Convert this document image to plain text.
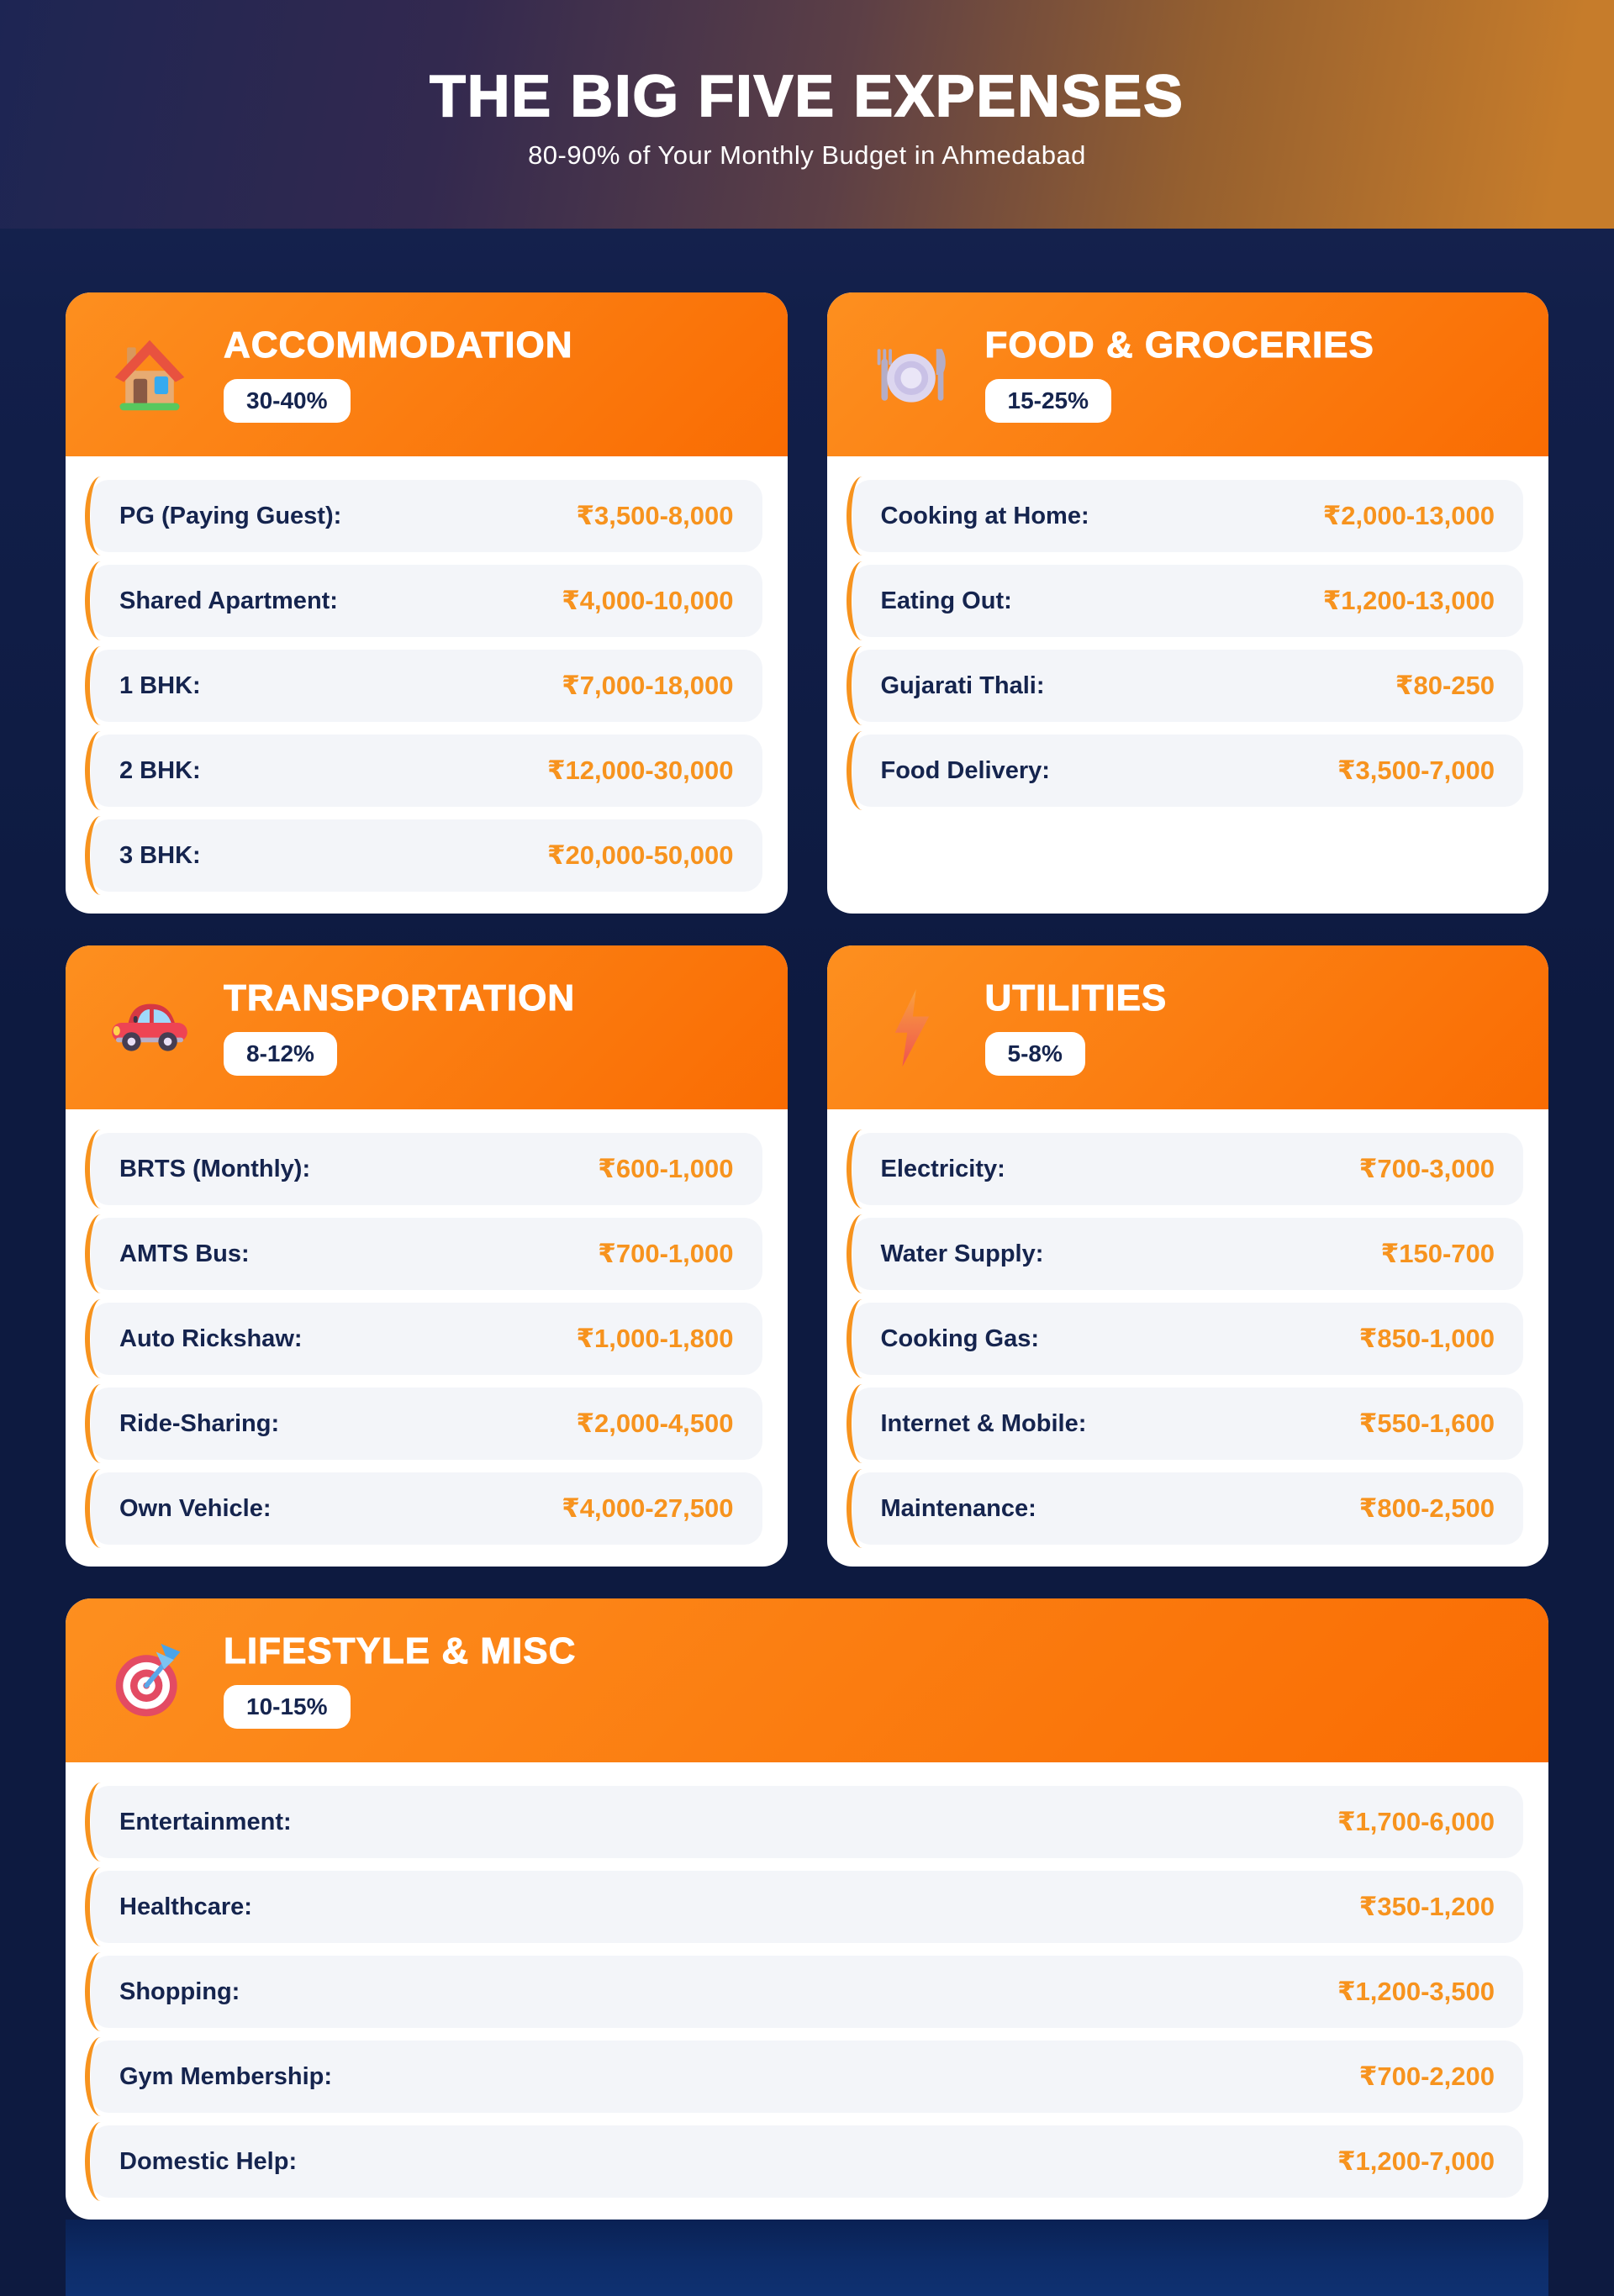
THE BIG FIVE EXPENSES
80-90% of Your Monthly Budget in Ahmedabad
ACCOMMODATION
30-40%
PG (Paying Guest):	₹3,500-8,000
Shared Apartment:	₹4,000-10,000
1 BHK:	₹7,000-18,000
2 BHK:	₹12,000-30,000
3 BHK:	₹20,000-50,000
FOOD & GROCERIES
15-25%
Cooking at Home:	₹2,000-13,000
Eating Out:	₹1,200-13,000
Gujarati Thali:	₹80-250
Food Delivery:	₹3,500-7,000
TRANSPORTATION
8-12%
BRTS (Monthly):	₹600-1,000
AMTS Bus:	₹700-1,000
Auto Rickshaw:	₹1,000-1,800
Ride-Sharing:	₹2,000-4,500
Own Vehicle:	₹4,000-27,500
UTILITIES
5-8%
Electricity:	₹700-3,000
Water Supply:	₹150-700
Cooking Gas:	₹850-1,000
Internet & Mobile:	₹550-1,600
Maintenance:	₹800-2,500
LIFESTYLE & MISC
10-15%
Entertainment:	₹1,700-6,000
Healthcare:	₹350-1,200
Shopping:	₹1,200-3,500
Gym Membership:	₹700-2,200
Domestic Help:	₹1,200-7,000
